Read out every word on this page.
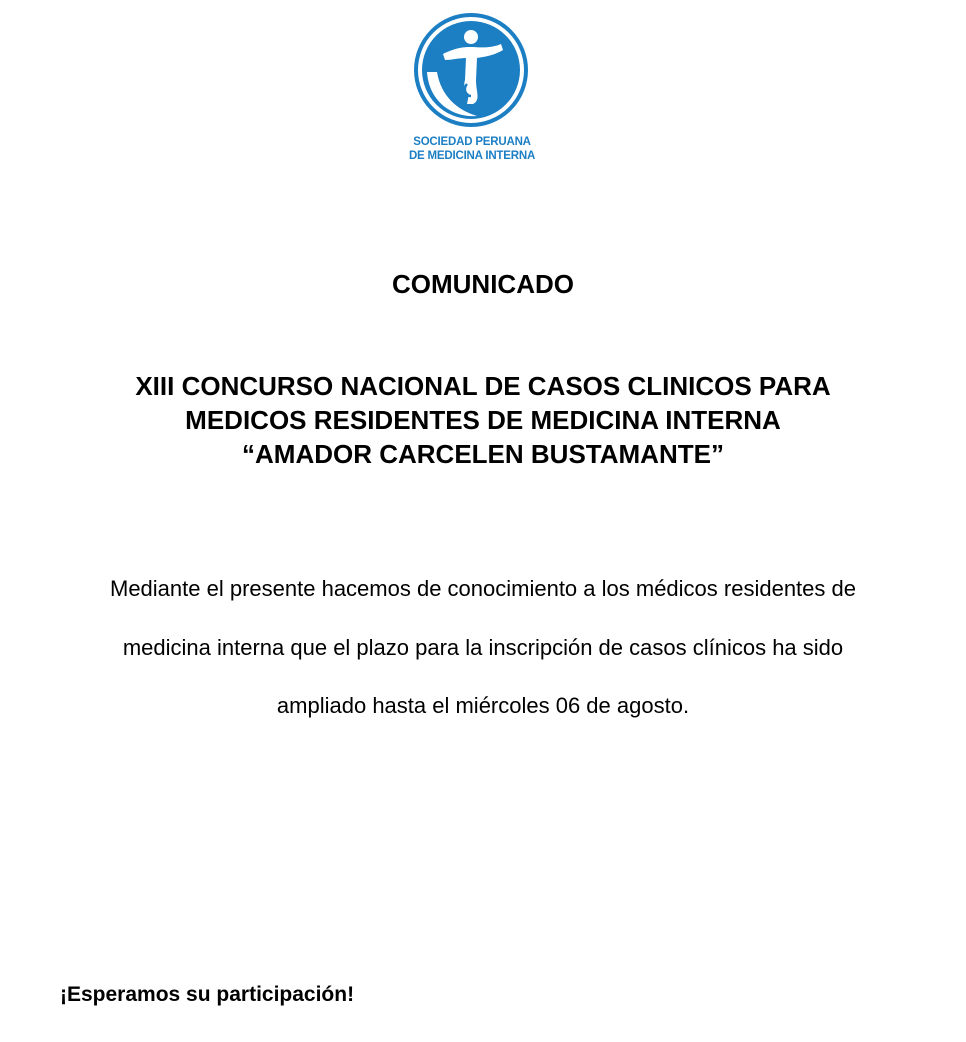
SOCIEDAD PERUANA
DE MEDICINA INTERNA
COMUNICADO
XIII CONCURSO NACIONAL DE CASOS CLINICOS PARA
MEDICOS RESIDENTES DE MEDICINA INTERNA
“AMADOR CARCELEN BUSTAMANTE”
Mediante el presente hacemos de conocimiento a los médicos residentes de
medicina interna que el plazo para la inscripción de casos clínicos ha sido
ampliado hasta el miércoles 06 de agosto.

¡Esperamos su participación!
